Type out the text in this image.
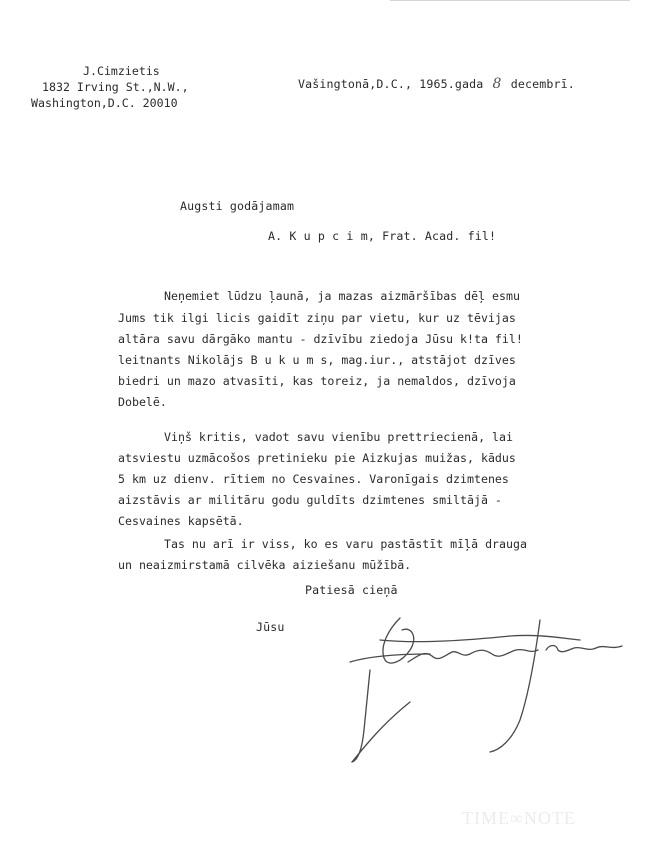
J.Cimzietis
1832 Irving St.,N.W.,
Washington,D.C. 20010
Vašingtonā,D.C., 1965.gada 8 decembrī.
Augsti godājamam
A. K u p c i m, Frat. Acad. fil!
Neņemiet lūdzu ļaunā, ja mazas aizmāršības dēļ esmu
Jums tik ilgi licis gaidīt ziņu par vietu, kur uz tēvijas
altāra savu dārgāko mantu - dzīvību ziedoja Jūsu k!ta fil!
leitnants Nikolājs B u k u m s, mag.iur., atstājot dzīves
biedri un mazo atvasīti, kas toreiz, ja nemaldos, dzīvoja
Dobelē.
Viņš kritis, vadot savu vienību prettriecienā, lai
atsviestu uzmācošos pretinieku pie Aizkujas muižas, kādus
5 km uz dienv. rītiem no Cesvaines. Varonīgais dzimtenes
aizstāvis ar militāru godu guldīts dzimtenes smiltājā -
Cesvaines kapsētā.
Tas nu arī ir viss, ko es varu pastāstīt mīļā drauga
un neaizmirstamā cilvēka aiziešanu mūžībā.
Patiesā cieņā
Jūsu
TIME∞NOTE
